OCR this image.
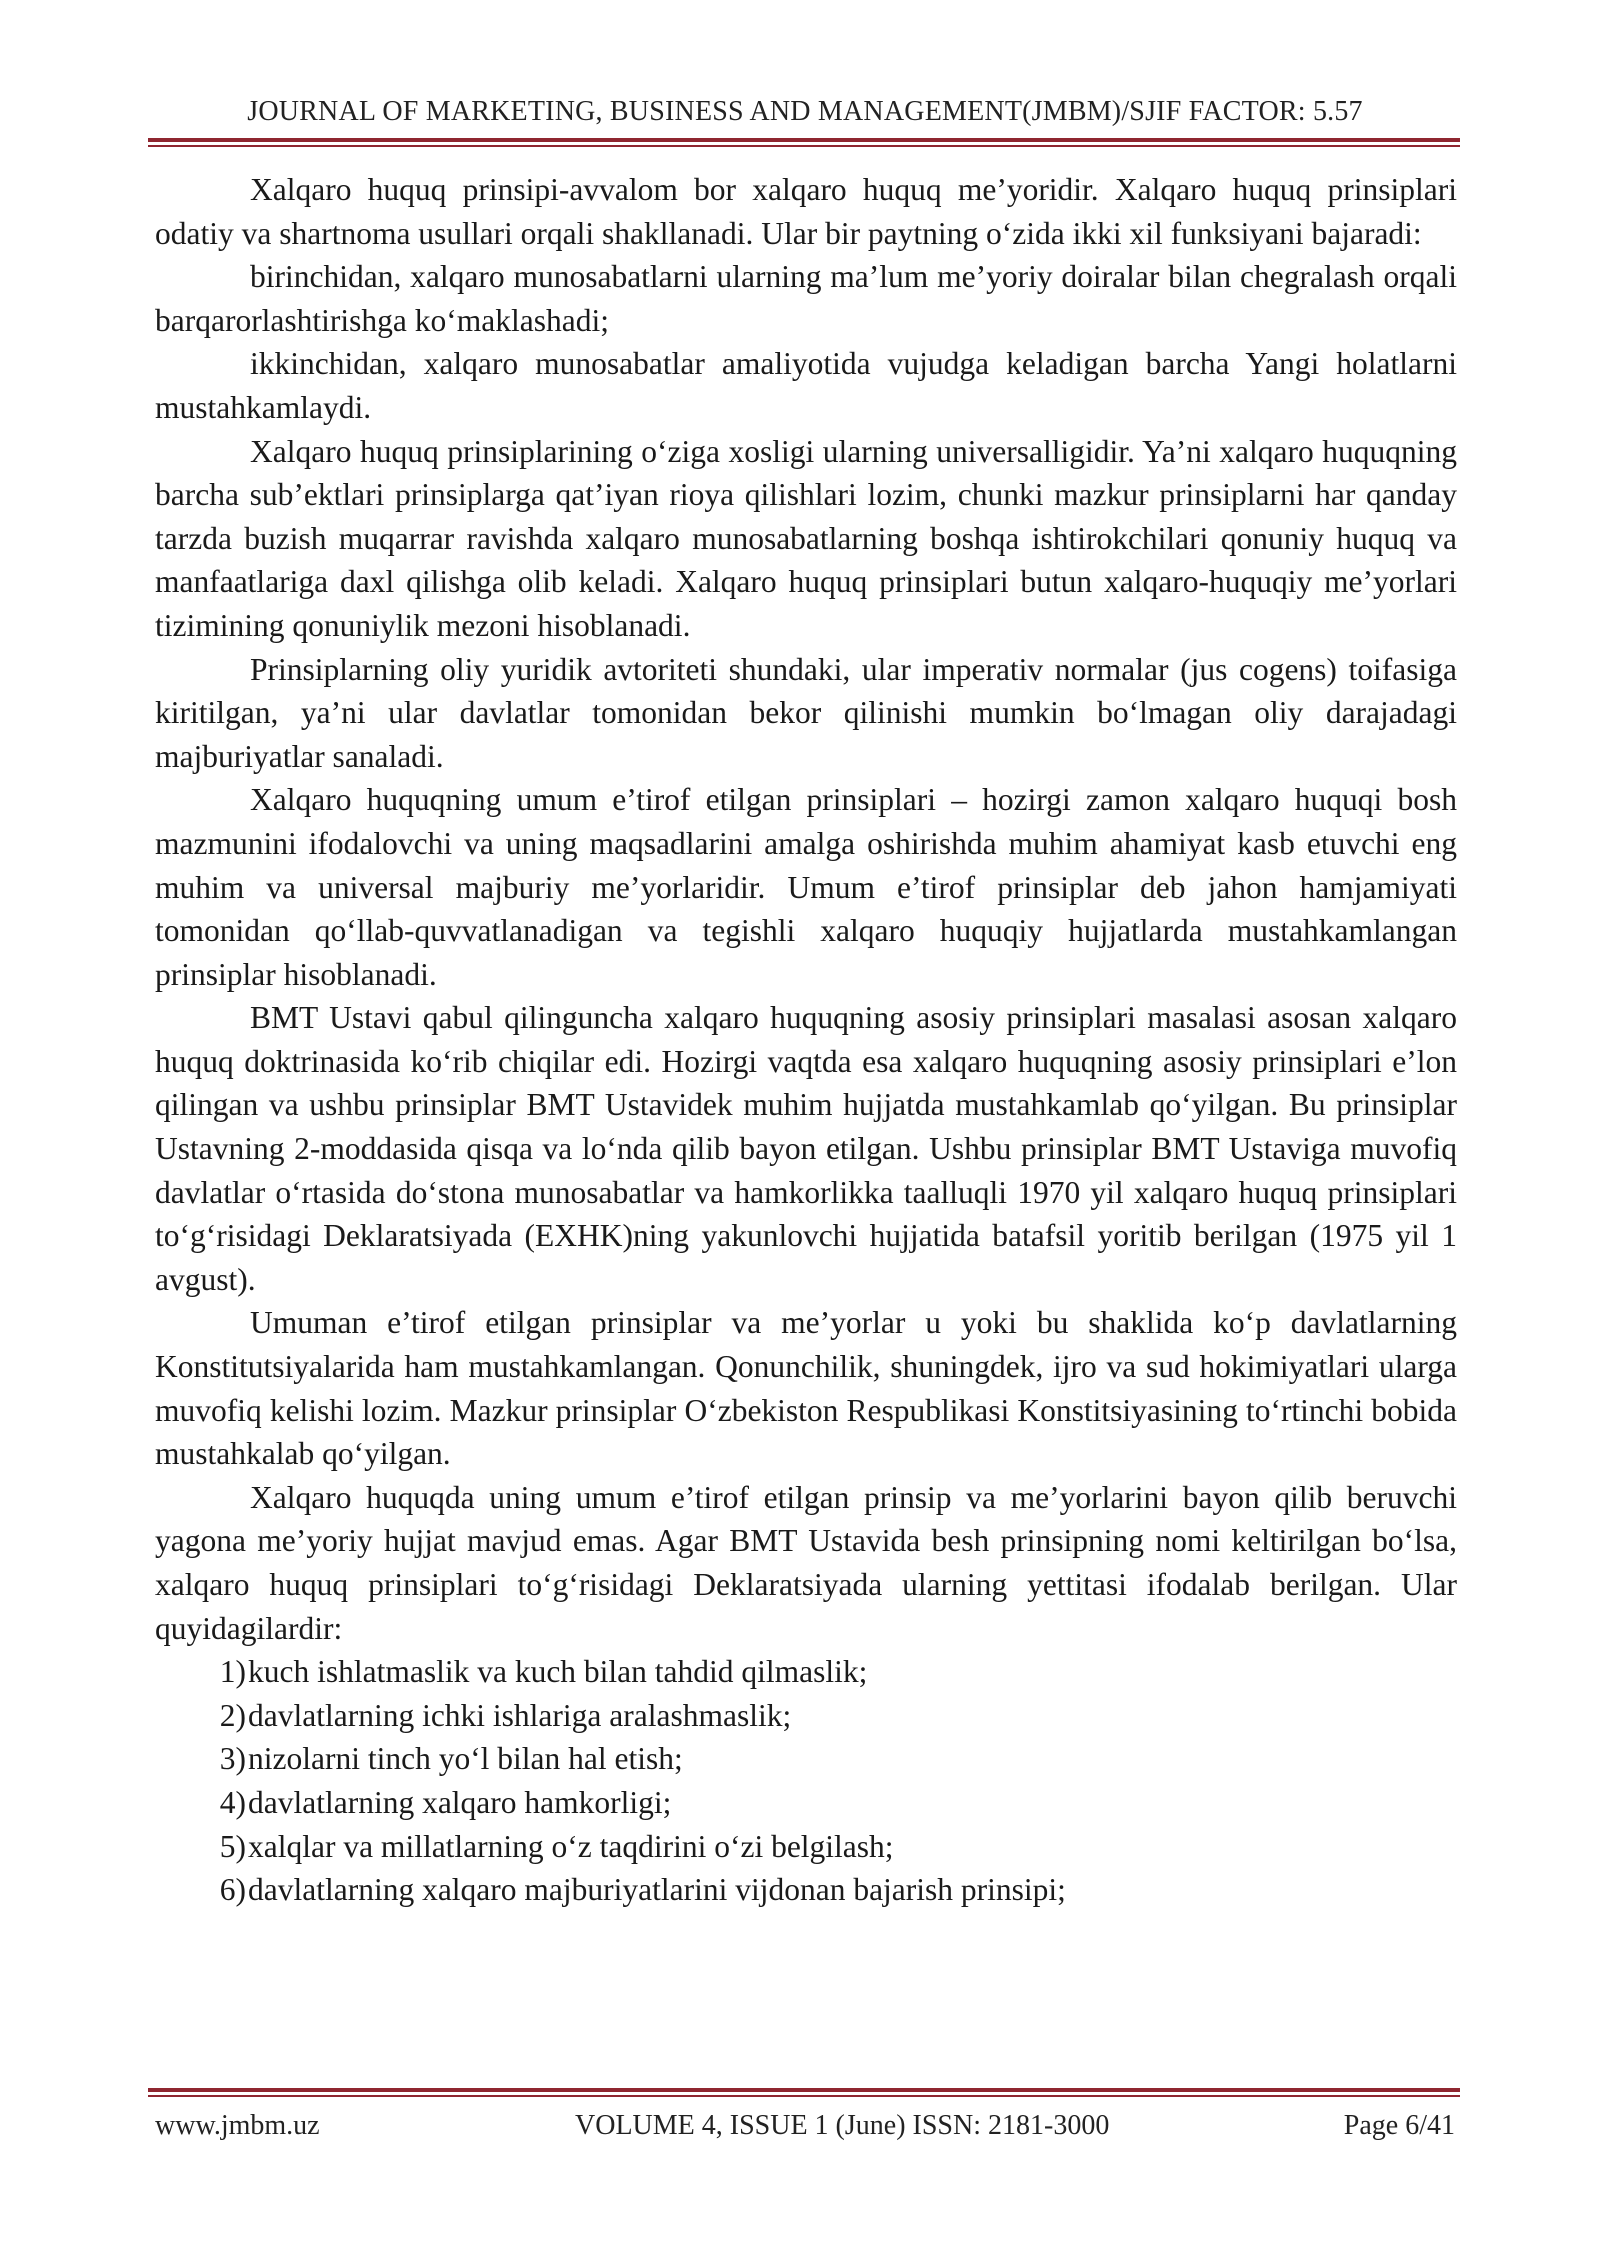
JOURNAL OF MARKETING, BUSINESS AND MANAGEMENT(JMBM)/SJIF FACTOR: 5.57

Xalqaro huquq prinsipi-avvalom bor xalqaro huquq me’yoridir. Xalqaro huquq prinsiplari odatiy va shartnoma usullari orqali shakllanadi. Ular bir paytning o‘zida ikki xil funksiyani bajaradi:

birinchidan, xalqaro munosabatlarni ularning ma’lum me’yoriy doiralar bilan chegralash orqali barqarorlashtirishga ko‘maklashadi;

ikkinchidan, xalqaro munosabatlar amaliyotida vujudga keladigan barcha Yangi holatlarni mustahkamlaydi.

Xalqaro huquq prinsiplarining o‘ziga xosligi ularning universalligidir. Ya’ni xalqaro huquqning barcha sub’ektlari prinsiplarga qat’iyan rioya qilishlari lozim, chunki mazkur prinsiplarni har qanday tarzda buzish muqarrar ravishda xalqaro munosabatlarning boshqa ishtirokchilari qonuniy huquq va manfaatlariga daxl qilishga olib keladi. Xalqaro huquq prinsiplari butun xalqaro-huquqiy me’yorlari tizimining qonuniylik mezoni hisoblanadi.

Prinsiplarning oliy yuridik avtoriteti shundaki, ular imperativ normalar (jus cogens) toifasiga kiritilgan, ya’ni ular davlatlar tomonidan bekor qilinishi mumkin bo‘lmagan oliy darajadagi majburiyatlar sanaladi.

Xalqaro huquqning umum e’tirof etilgan prinsiplari – hozirgi zamon xalqaro huquqi bosh mazmunini ifodalovchi va uning maqsadlarini amalga oshirishda muhim ahamiyat kasb etuvchi eng muhim va universal majburiy me’yorlaridir. Umum e’tirof prinsiplar deb jahon hamjamiyati tomonidan qo‘llab-quvvatlanadigan va tegishli xalqaro huquqiy hujjatlarda mustahkamlangan prinsiplar hisoblanadi.

BMT Ustavi qabul qilinguncha xalqaro huquqning asosiy prinsiplari masalasi asosan xalqaro huquq doktrinasida ko‘rib chiqilar edi. Hozirgi vaqtda esa xalqaro huquqning asosiy prinsiplari e’lon qilingan va ushbu prinsiplar BMT Ustavidek muhim hujjatda mustahkamlab qo‘yilgan. Bu prinsiplar Ustavning 2-moddasida qisqa va lo‘nda qilib bayon etilgan. Ushbu prinsiplar BMT Ustaviga muvofiq davlatlar o‘rtasida do‘stona munosabatlar va hamkorlikka taalluqli 1970 yil xalqaro huquq prinsiplari to‘g‘risidagi Deklaratsiyada (EXHK)ning yakunlovchi hujjatida batafsil yoritib berilgan (1975 yil 1 avgust).

Umuman e’tirof etilgan prinsiplar va me’yorlar u yoki bu shaklida ko‘p davlatlarning Konstitutsiyalarida ham mustahkamlangan. Qonunchilik, shuningdek, ijro va sud hokimiyatlari ularga muvofiq kelishi lozim. Mazkur prinsiplar O‘zbekiston Respublikasi Konstitsiyasining to‘rtinchi bobida mustahkalab qo‘yilgan.

Xalqaro huquqda uning umum e’tirof etilgan prinsip va me’yorlarini bayon qilib beruvchi yagona me’yoriy hujjat mavjud emas. Agar BMT Ustavida besh prinsipning nomi keltirilgan bo‘lsa, xalqaro huquq prinsiplari to‘g‘risidagi Deklaratsiyada ularning yettitasi ifodalab berilgan. Ular quyidagilardir:

1) kuch ishlatmaslik va kuch bilan tahdid qilmaslik;
2) davlatlarning ichki ishlariga aralashmaslik;
3) nizolarni tinch yo‘l bilan hal etish;
4) davlatlarning xalqaro hamkorligi;
5) xalqlar va millatlarning o‘z taqdirini o‘zi belgilash;
6) davlatlarning xalqaro majburiyatlarini vijdonan bajarish prinsipi;
www.jmbm.uz	VOLUME 4, ISSUE 1 (June) ISSN: 2181-3000	Page 6/41
